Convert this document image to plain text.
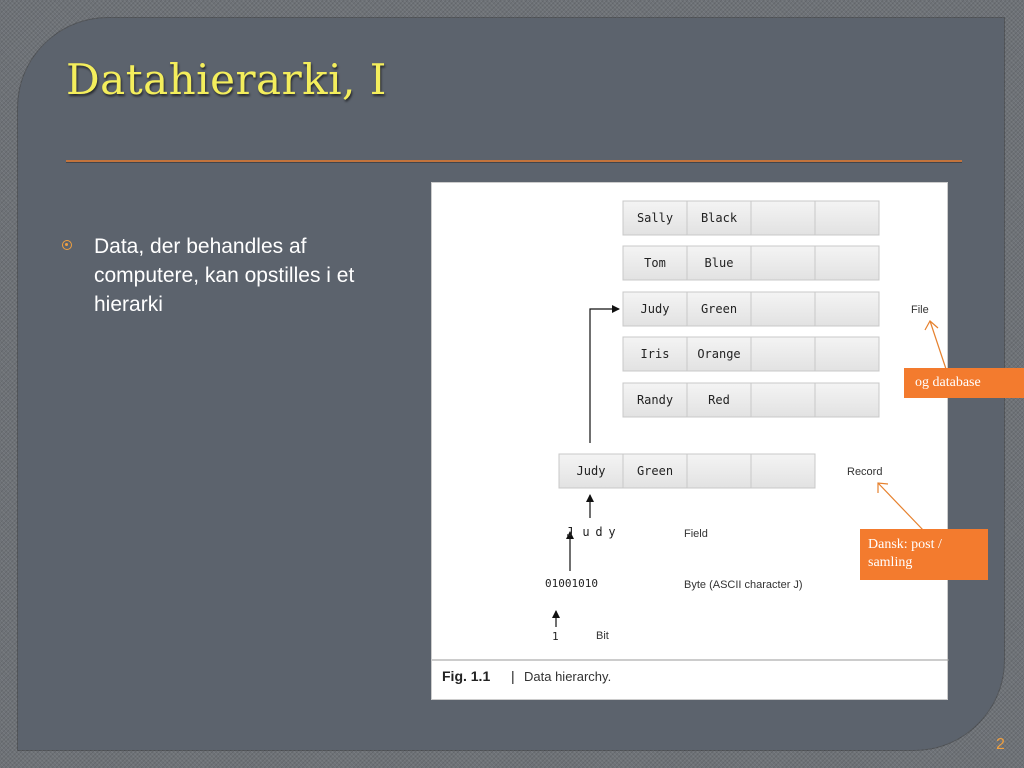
Datahierarki, I
Data, der behandles af computere, kan opstilles i et hierarki
Sally Black
Tom	Blue
Judy	Green
Iris Orange
Randy	Red
Judy	Green
J u d y
01001010
1
File
Record
Field
Byte (ASCII character J)
Bit
Fig. 1.1 | Data hierarchy.
og database
Dansk: post / samling
2
